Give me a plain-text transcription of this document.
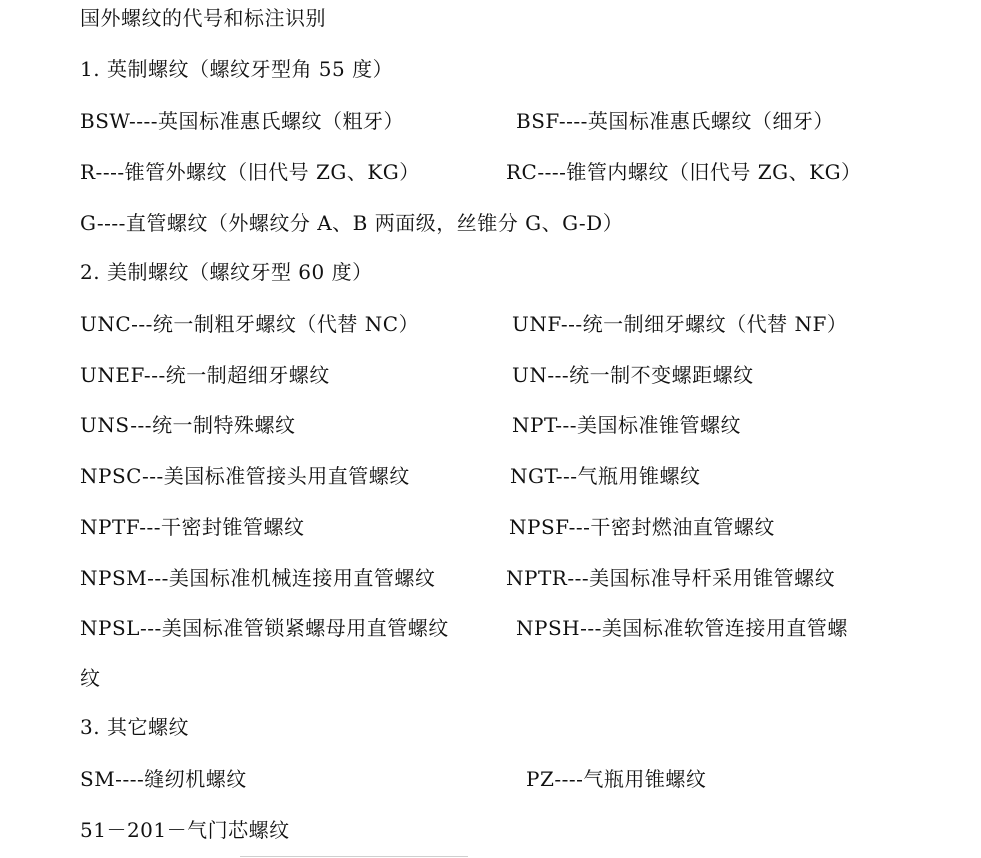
国外螺纹的代号和标注识别
1. 英制螺纹（螺纹牙型角 55 度）
BSW----英国标准惠氏螺纹（粗牙）	BSF----英国标准惠氏螺纹（细牙）
R----锥管外螺纹（旧代号 ZG、KG）	RC----锥管内螺纹（旧代号 ZG、KG）
G----直管螺纹（外螺纹分 A、B 两面级，丝锥分 G、G-D）
2. 美制螺纹（螺纹牙型 60 度）
UNC---统一制粗牙螺纹（代替 NC）	UNF---统一制细牙螺纹（代替 NF）
UNEF---统一制超细牙螺纹	UN---统一制不变螺距螺纹
UNS---统一制特殊螺纹	NPT---美国标准锥管螺纹
NPSC---美国标准管接头用直管螺纹	NGT---气瓶用锥螺纹
NPTF---干密封锥管螺纹	NPSF---干密封燃油直管螺纹
NPSM---美国标准机械连接用直管螺纹	NPTR---美国标准导杆采用锥管螺纹
NPSL---美国标准管锁紧螺母用直管螺纹	NPSH---美国标准软管连接用直管螺
纹
3. 其它螺纹
SM----缝纫机螺纹	PZ----气瓶用锥螺纹
51－201－气门芯螺纹
